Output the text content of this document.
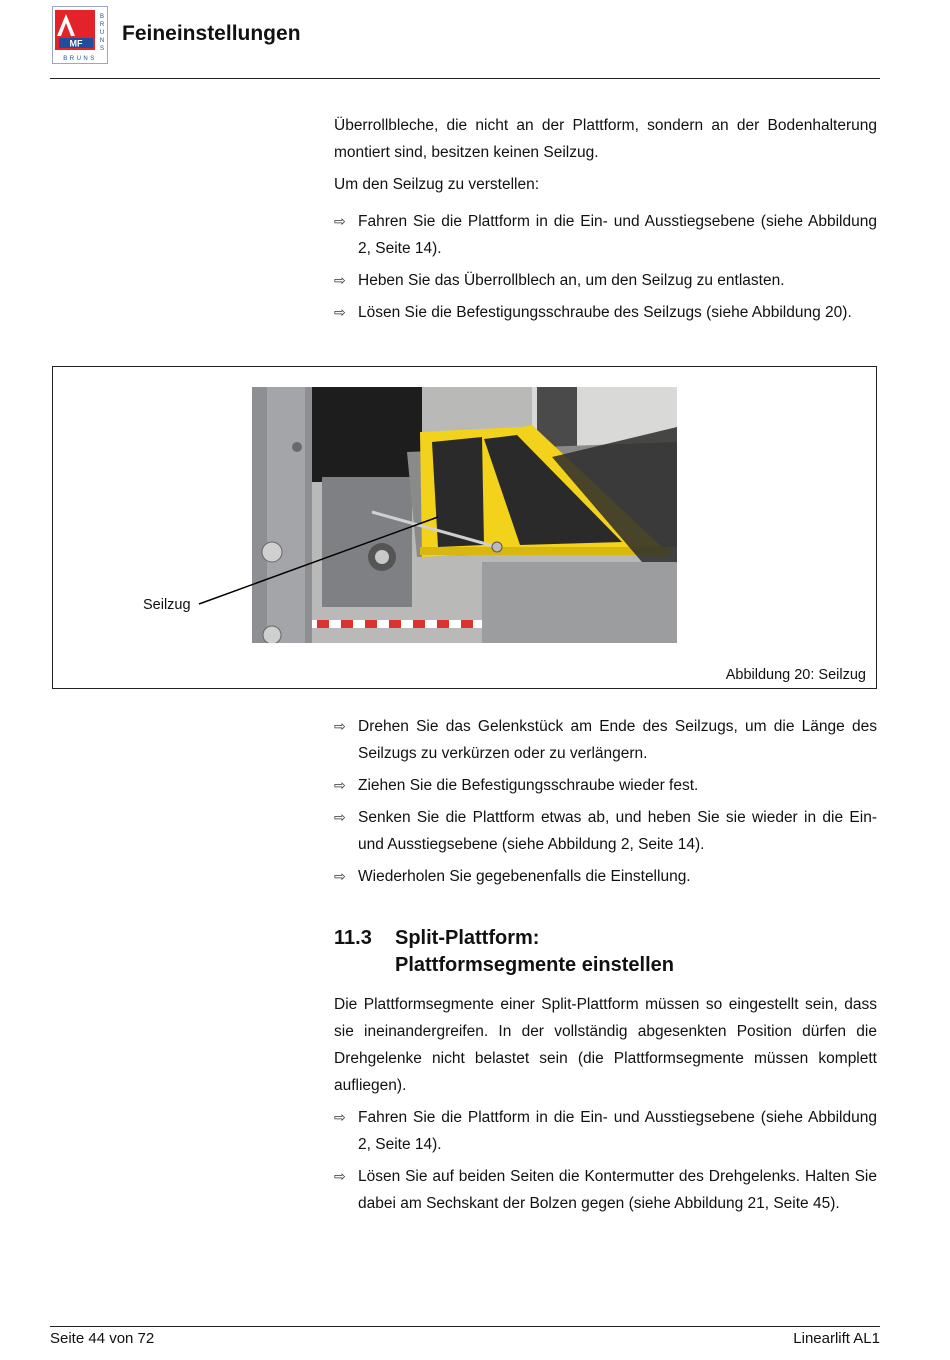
MF
B
R
U
N
S
BRUNS
Feineinstellungen
Überrollbleche, die nicht an der Plattform, sondern an der Bodenhalterung montiert sind, besitzen keinen Seilzug.
Um den Seilzug zu verstellen:
⇨ Fahren Sie die Plattform in die Ein- und Ausstiegsebene (siehe Abbildung 2, Seite 14).
⇨ Heben Sie das Überrollblech an, um den Seilzug zu entlasten.
⇨ Lösen Sie die Befestigungsschraube des Seilzugs (siehe Abbildung 20).
Seilzug
Abbildung 20: Seilzug
⇨ Drehen Sie das Gelenkstück am Ende des Seilzugs, um die Länge des Seilzugs zu verkürzen oder zu verlängern.
⇨ Ziehen Sie die Befestigungsschraube wieder fest.
⇨ Senken Sie die Plattform etwas ab, und heben Sie sie wieder in die Ein- und Ausstiegsebene (siehe Abbildung 2, Seite 14).
⇨ Wiederholen Sie gegebenenfalls die Einstellung.
11.3 Split-Plattform:
Plattformsegmente einstellen
Die Plattformsegmente einer Split-Plattform müssen so eingestellt sein, dass sie ineinandergreifen. In der vollständig abgesenkten Position dürfen die Drehgelenke nicht belastet sein (die Plattformsegmente müssen komplett aufliegen).
⇨ Fahren Sie die Plattform in die Ein- und Ausstiegsebene (siehe Abbildung 2, Seite 14).
⇨ Lösen Sie auf beiden Seiten die Kontermutter des Drehgelenks. Halten Sie dabei am Sechskant der Bolzen gegen (siehe Abbildung 21, Seite 45).
Seite 44 von 72	Linearlift AL1
